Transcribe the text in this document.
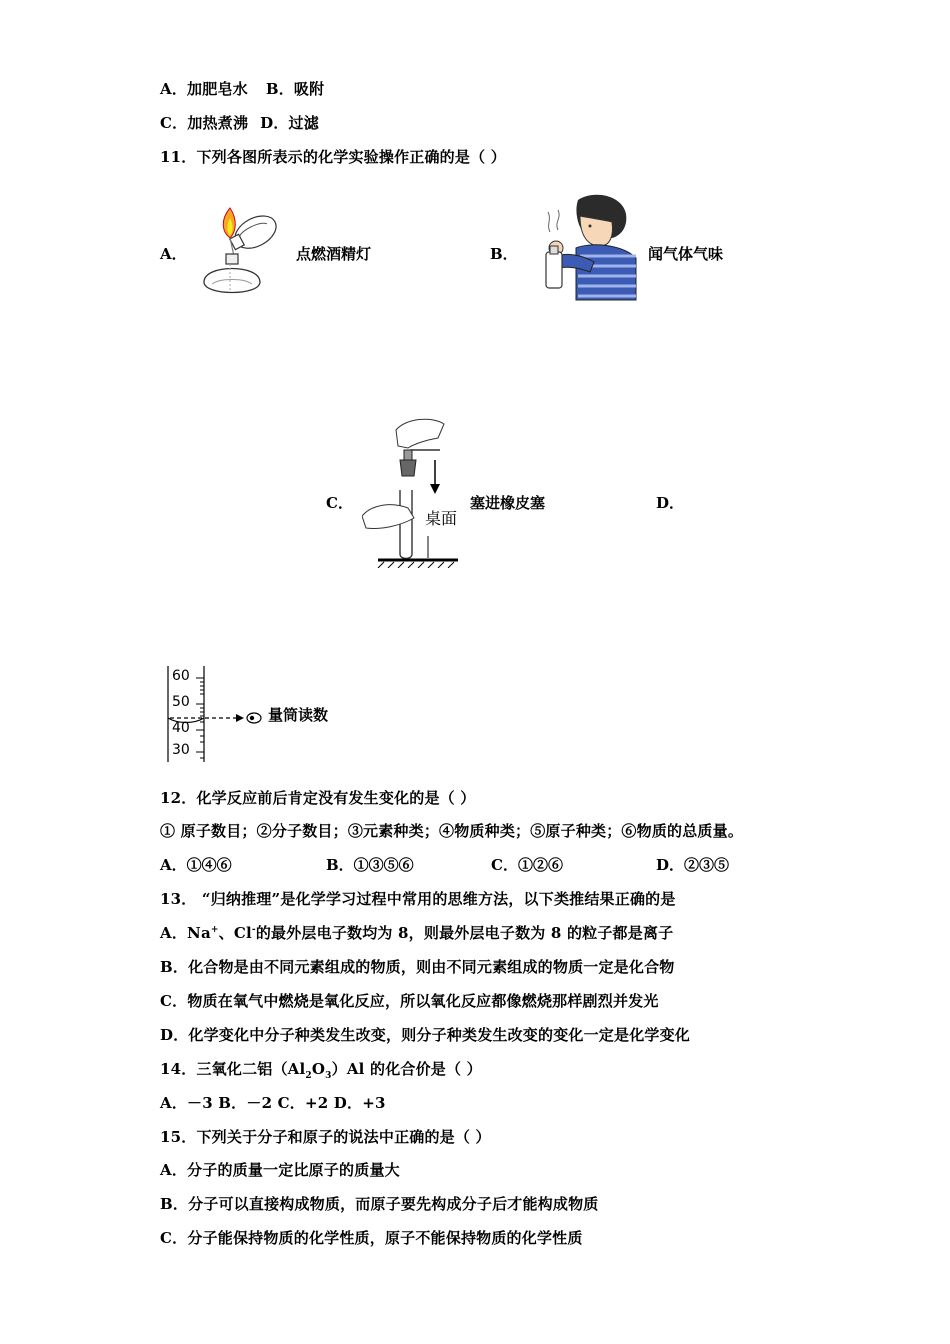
A．加肥皂水 B．吸附
C．加热煮沸 D．过滤
11．下列各图所表示的化学实验操作正确的是（ ）
A．	点燃酒精灯	B．	闻气体气味
C．
桌面
塞进橡皮塞	D．
60
50
40
30
量筒读数
12．化学反应前后肯定没有发生变化的是（ ）
① 原子数目；②分子数目；③元素种类；④物质种类；⑤原子种类；⑥物质的总质量。
A．①④⑥	B．①③⑤⑥	C．①②⑥	D．②③⑤
13． “归纳推理”是化学学习过程中常用的思维方法，以下类推结果正确的是
A．Na+、Cl-的最外层电子数均为 8，则最外层电子数为 8 的粒子都是离子
B．化合物是由不同元素组成的物质，则由不同元素组成的物质一定是化合物
C．物质在氧气中燃烧是氧化反应，所以氧化反应都像燃烧那样剧烈并发光
D．化学变化中分子种类发生改变，则分子种类发生改变的变化一定是化学变化
14．三氧化二铝$(Al_2O_3)Al$ 的化合价是（ ）
A．－3 B．－2 C．+2 D．+3
15．下列关于分子和原子的说法中正确的是（ ）
A．分子的质量一定比原子的质量大
B．分子可以直接构成物质，而原子要先构成分子后才能构成物质
C．分子能保持物质的化学性质，原子不能保持物质的化学性质
